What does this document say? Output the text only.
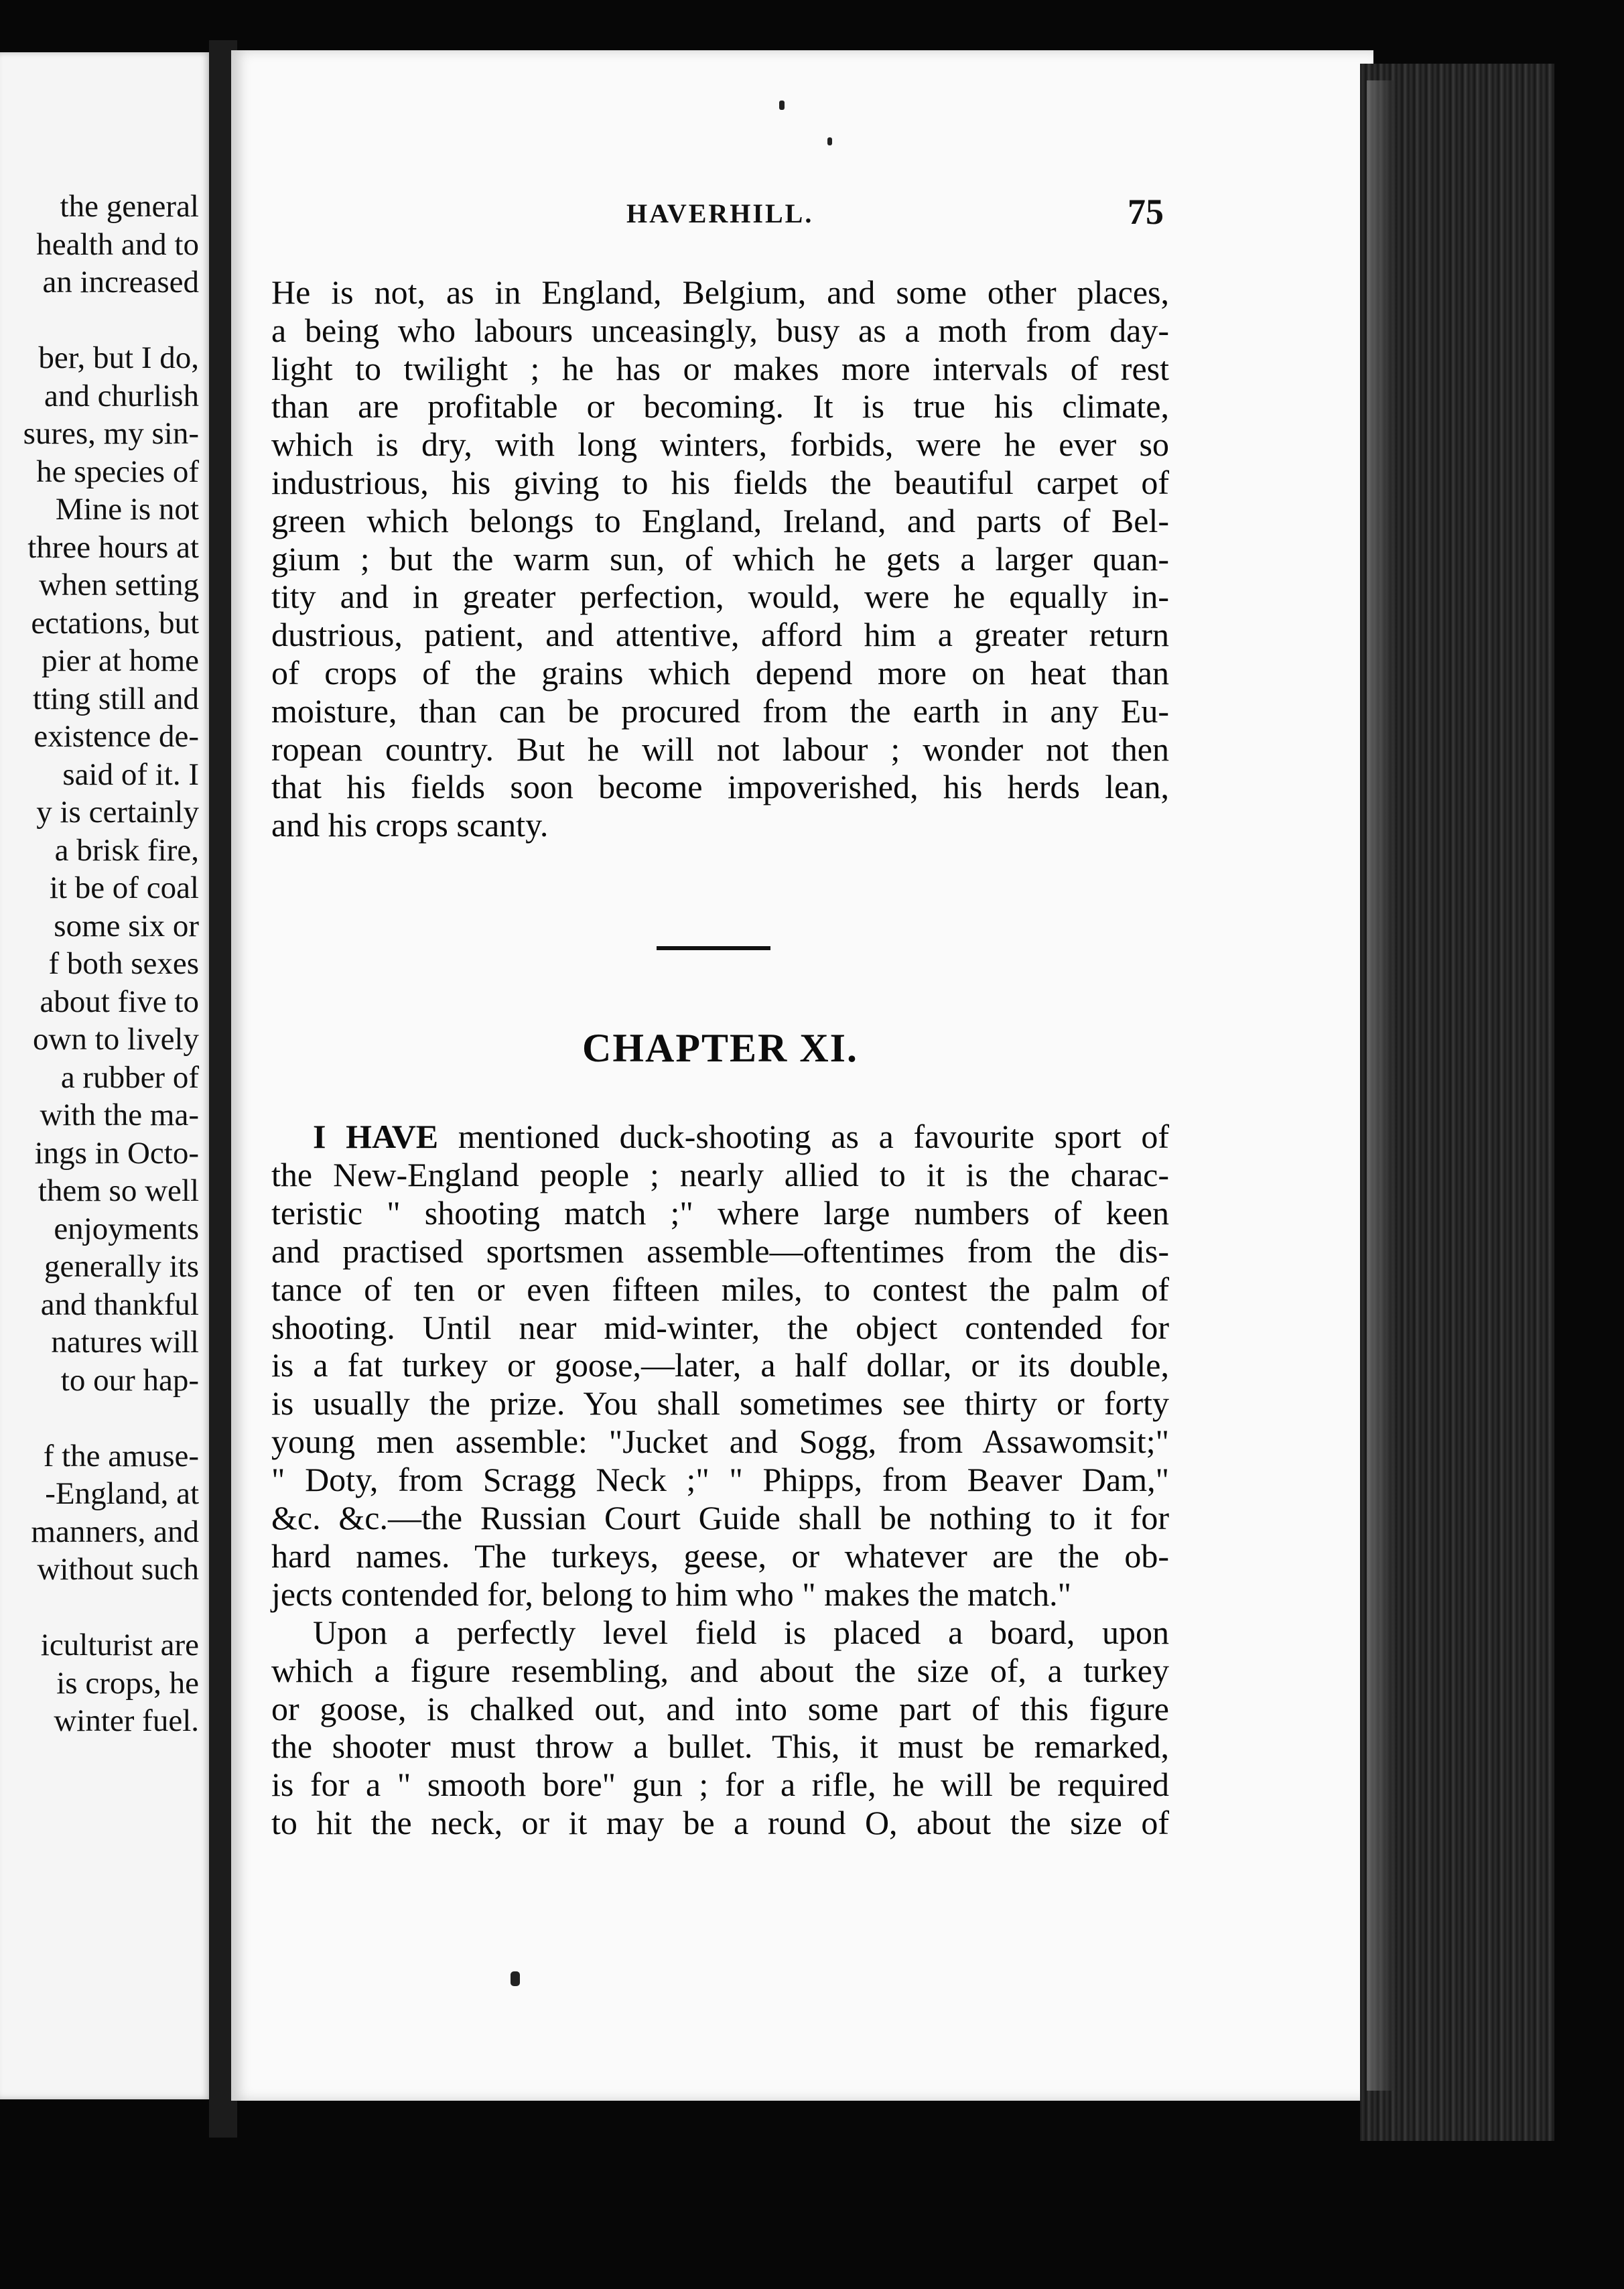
the general
health and to
an increased
ber, but I do,
and churlish
sures, my sin-
he species of
Mine is not
three hours at
when setting
ectations, but
pier at home
tting still and
existence de-
said of it. I
y is certainly
a brisk fire,
it be of coal
some six or
f both sexes
about five to
own to lively
a rubber of
with the ma-
ings in Octo-
them so well
enjoyments
generally its
and thankful
natures will
to our hap-
f the amuse-
-England, at
manners, and
without such
iculturist are
is crops, he
winter fuel.
HAVERHILL.	75
He is not, as in England, Belgium, and some other places,
a being who labours unceasingly, busy as a moth from day-
light to twilight ; he has or makes more intervals of rest
than are profitable or becoming. It is true his climate,
which is dry, with long winters, forbids, were he ever so
industrious, his giving to his fields the beautiful carpet of
green which belongs to England, Ireland, and parts of Bel-
gium ; but the warm sun, of which he gets a larger quan-
tity and in greater perfection, would, were he equally in-
dustrious, patient, and attentive, afford him a greater return
of crops of the grains which depend more on heat than
moisture, than can be procured from the earth in any Eu-
ropean country. But he will not labour ; wonder not then
that his fields soon become impoverished, his herds lean,
and his crops scanty.
CHAPTER XI.
I HAVE mentioned duck-shooting as a favourite sport of
the New-England people ; nearly allied to it is the charac-
teristic " shooting match ;" where large numbers of keen
and practised sportsmen assemble—oftentimes from the dis-
tance of ten or even fifteen miles, to contest the palm of
shooting. Until near mid-winter, the object contended for
is a fat turkey or goose,—later, a half dollar, or its double,
is usually the prize. You shall sometimes see thirty or forty
young men assemble: "Jucket and Sogg, from Assawomsit;"
" Doty, from Scragg Neck ;" " Phipps, from Beaver Dam,"
&c. &c.—the Russian Court Guide shall be nothing to it for
hard names. The turkeys, geese, or whatever are the ob-
jects contended for, belong to him who " makes the match."
Upon a perfectly level field is placed a board, upon
which a figure resembling, and about the size of, a turkey
or goose, is chalked out, and into some part of this figure
the shooter must throw a bullet. This, it must be remarked,
is for a " smooth bore" gun ; for a rifle, he will be required
to hit the neck, or it may be a round O, about the size of
